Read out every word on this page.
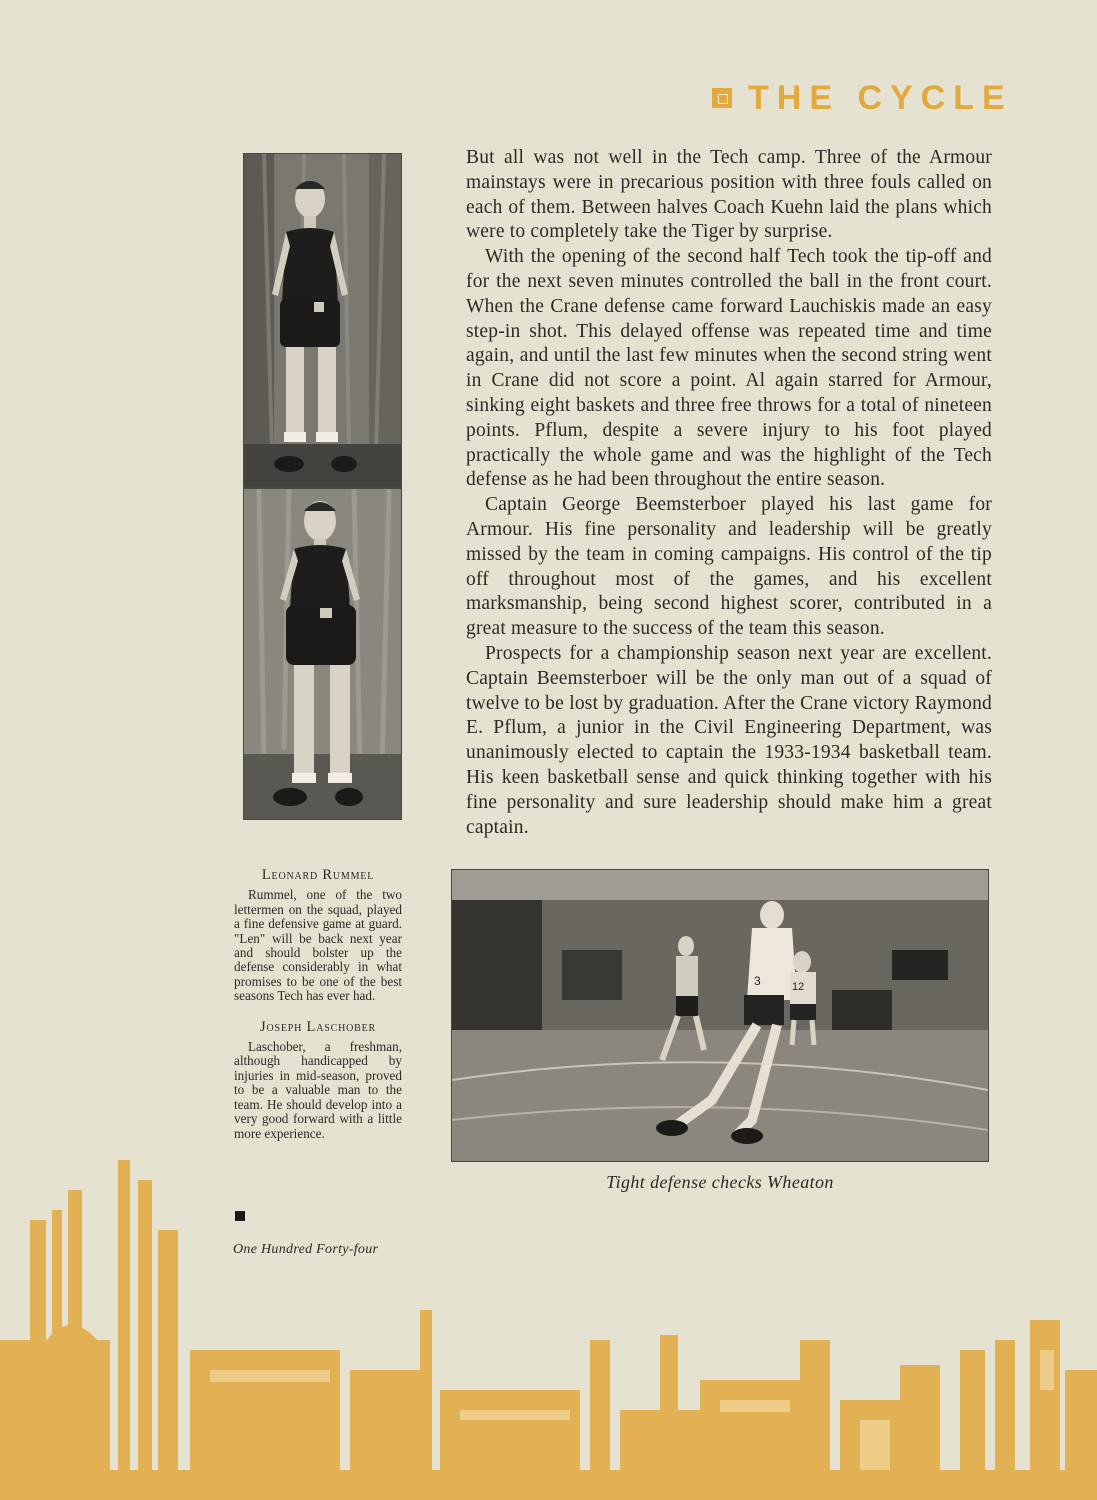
THE CYCLE

But all was not well in the Tech camp. Three of the Armour mainstays were in precarious position with three fouls called on each of them. Between halves Coach Kuehn laid the plans which were to completely take the Tiger by surprise.

With the opening of the second half Tech took the tip-off and for the next seven minutes controlled the ball in the front court. When the Crane defense came forward Lauchiskis made an easy step-in shot. This delayed offense was repeated time and time again, and until the last few minutes when the second string went in Crane did not score a point. Al again starred for Armour, sinking eight baskets and three free throws for a total of nineteen points. Pflum, despite a severe injury to his foot played practically the whole game and was the highlight of the Tech defense as he had been throughout the entire season.

Captain George Beemsterboer played his last game for Armour. His fine personality and leadership will be greatly missed by the team in coming campaigns. His control of the tip off throughout most of the games, and his excellent marksmanship, being second highest scorer, contributed in a great measure to the success of the team this season.

Prospects for a championship season next year are excellent. Captain Beemsterboer will be the only man out of a squad of twelve to be lost by graduation. After the Crane victory Raymond E. Pflum, a junior in the Civil Engineering Department, was unanimously elected to captain the 1933-1934 basketball team. His keen basketball sense and quick thinking together with his fine personality and sure leadership should make him a great captain.

Leonard Rummel

Rummel, one of the two lettermen on the squad, played a fine defensive game at guard. "Len" will be back next year and should bolster up the defense considerably in what promises to be one of the best seasons Tech has ever had.

Joseph Laschober

Laschober, a freshman, although handicapped by injuries in mid-season, proved to be a valuable man to the team. He should develop into a very good forward with a little more experience.

3	12
Tight defense checks Wheaton
One Hundred Forty-four
